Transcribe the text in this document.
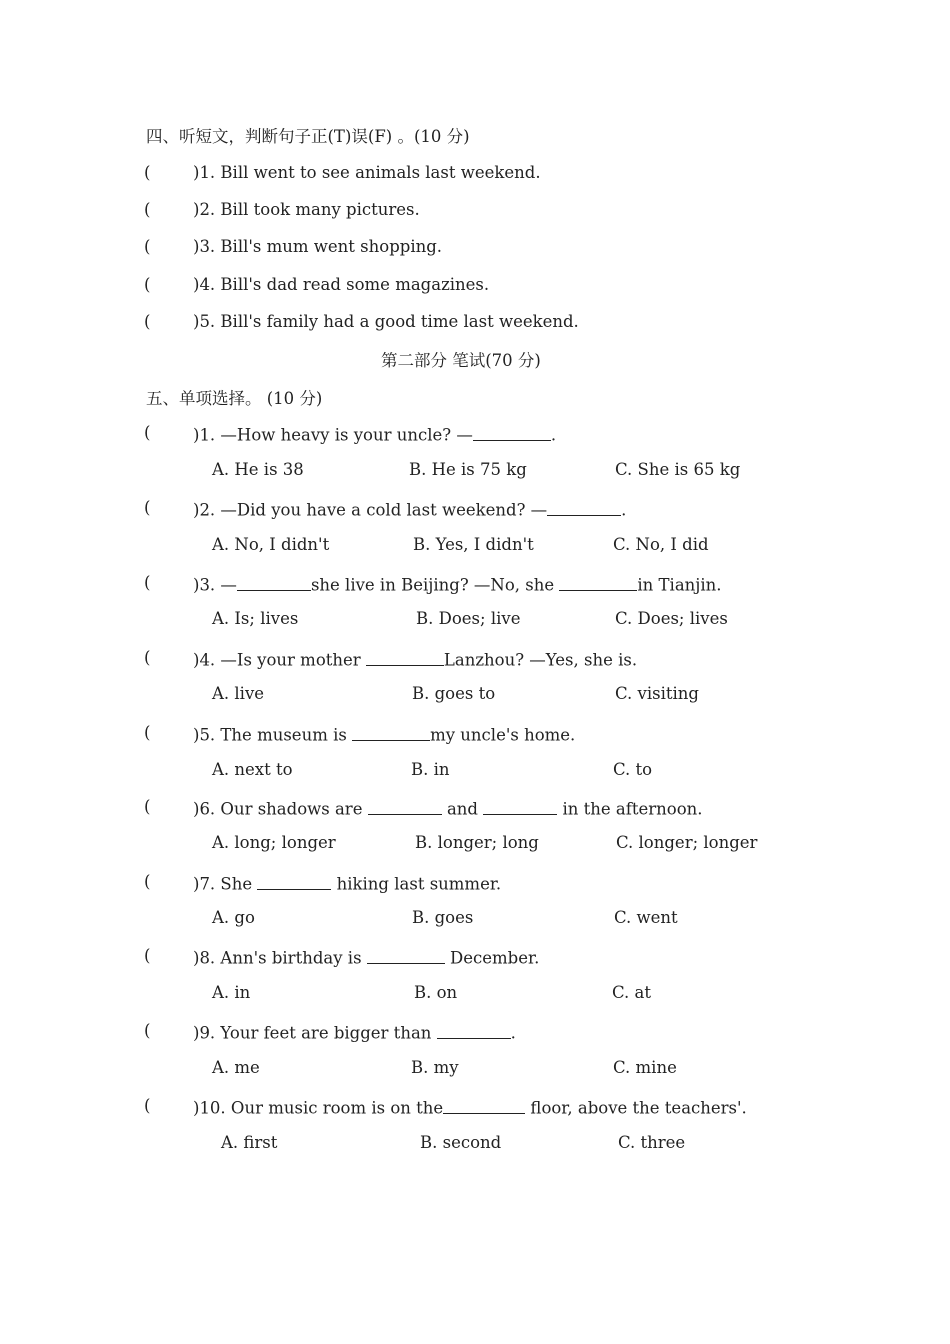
四、听短文，判断句子正(T)误(F) 。(10 分)
(	)1. Bill went to see animals last weekend.
(	)2. Bill took many pictures.
(	)3. Bill's mum went shopping.
(	)4. Bill's dad read some magazines.
(	)5. Bill's family had a good time last weekend.
第二部分 笔试(70 分)
五、单项选择。 (10 分)
(	)1. —How heavy is your uncle? —	.
A. He is 38	B. He is 75 kg	C. She is 65 kg
(	)2. —Did you have a cold last weekend? —	.
A. No, I didn't	B. Yes, I didn't	C. No, I did
(	)3. —	she live in Beijing? —No, she	in Tianjin.
A. Is; lives	B. Does; live	C. Does; lives
(	)4. —Is your mother	Lanzhou? —Yes, she is.
A. live	B. goes to	C. visiting
(	)5. The museum is	my uncle's home.
A. next to	B. in	C. to
(	)6. Our shadows are	and	in the afternoon.
A. long; longer	B. longer; long	C. longer; longer
(	)7. She	hiking last summer.
A. go	B. goes	C. went
(	)8. Ann's birthday is	December.
A. in	B. on	C. at
(	)9. Your feet are bigger than	.
A. me	B. my	C. mine
(	)10. Our music room is on the	floor, above the teachers'.
A. first	B. second	C. three
